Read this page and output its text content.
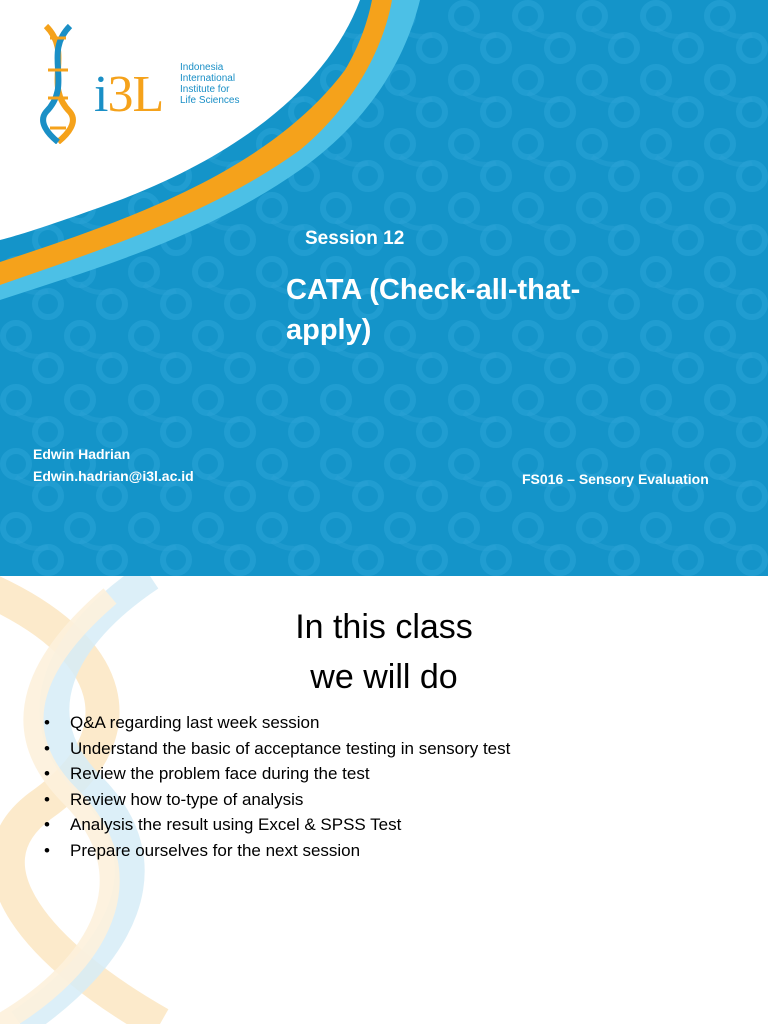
i3L Indonesia
International
Institute for
Life Sciences
Session 12
CATA (Check-all-that-apply)
Edwin Hadrian
Edwin.hadrian@i3l.ac.id	FS016 – Sensory Evaluation
In this class
we will do
•	Q&A regarding last week session
•	Understand the basic of acceptance testing in sensory test
•	Review the problem face during the test
•	Review how to-type of analysis
•	Analysis the result using Excel & SPSS Test
•	Prepare ourselves for the next session
